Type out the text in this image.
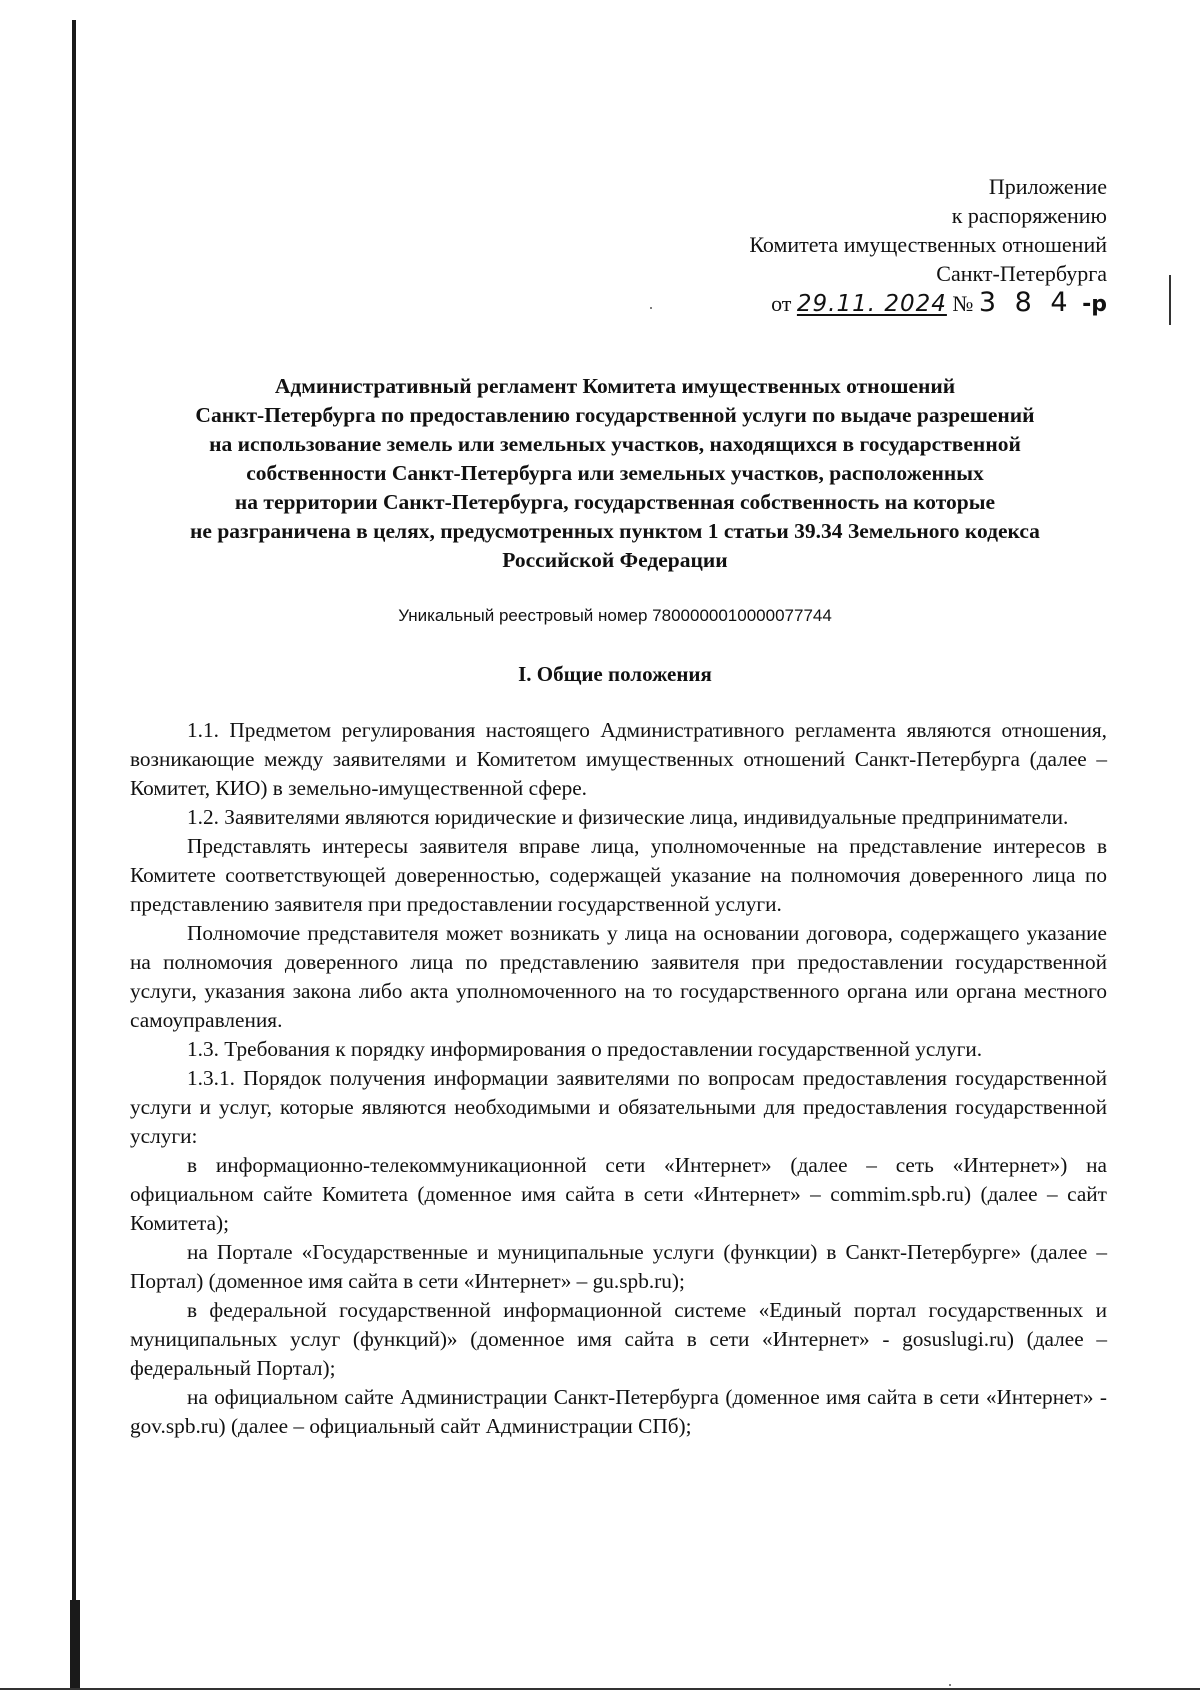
Приложение
к распоряжению
Комитета имущественных отношений
Санкт-Петербурга
от 29.11. 2024 № 3 8 4 -р
Административный регламент Комитета имущественных отношений
Санкт-Петербурга по предоставлению государственной услуги по выдаче разрешений
на использование земель или земельных участков, находящихся в государственной
собственности Санкт-Петербурга или земельных участков, расположенных
на территории Санкт-Петербурга, государственная собственность на которые
не разграничена в целях, предусмотренных пунктом 1 статьи 39.34 Земельного кодекса
Российской Федерации
Уникальный реестровый номер 7800000010000077744
I. Общие положения

1.1. Предметом регулирования настоящего Административного регламента являются отношения, возникающие между заявителями и Комитетом имущественных отношений Санкт-Петербурга (далее – Комитет, КИО) в земельно-имущественной сфере.

1.2. Заявителями являются юридические и физические лица, индивидуальные предприниматели.

Представлять интересы заявителя вправе лица, уполномоченные на представление интересов в Комитете соответствующей доверенностью, содержащей указание на полномочия доверенного лица по представлению заявителя при предоставлении государственной услуги.

Полномочие представителя может возникать у лица на основании договора, содержащего указание на полномочия доверенного лица по представлению заявителя при предоставлении государственной услуги, указания закона либо акта уполномоченного на то государственного органа или органа местного самоуправления.

1.3. Требования к порядку информирования о предоставлении государственной услуги.

1.3.1. Порядок получения информации заявителями по вопросам предоставления государственной услуги и услуг, которые являются необходимыми и обязательными для предоставления государственной услуги:

в информационно-телекоммуникационной сети «Интернет» (далее – сеть «Интернет») на официальном сайте Комитета (доменное имя сайта в сети «Интернет» – commim.spb.ru) (далее – сайт Комитета);

на Портале «Государственные и муниципальные услуги (функции) в Санкт-Петербурге» (далее – Портал) (доменное имя сайта в сети «Интернет» – gu.spb.ru);

в федеральной государственной информационной системе «Единый портал государственных и муниципальных услуг (функций)» (доменное имя сайта в сети «Интернет» - gosuslugi.ru) (далее – федеральный Портал);

на официальном сайте Администрации Санкт-Петербурга (доменное имя сайта в сети «Интернет» - gov.spb.ru) (далее – официальный сайт Администрации СПб);
